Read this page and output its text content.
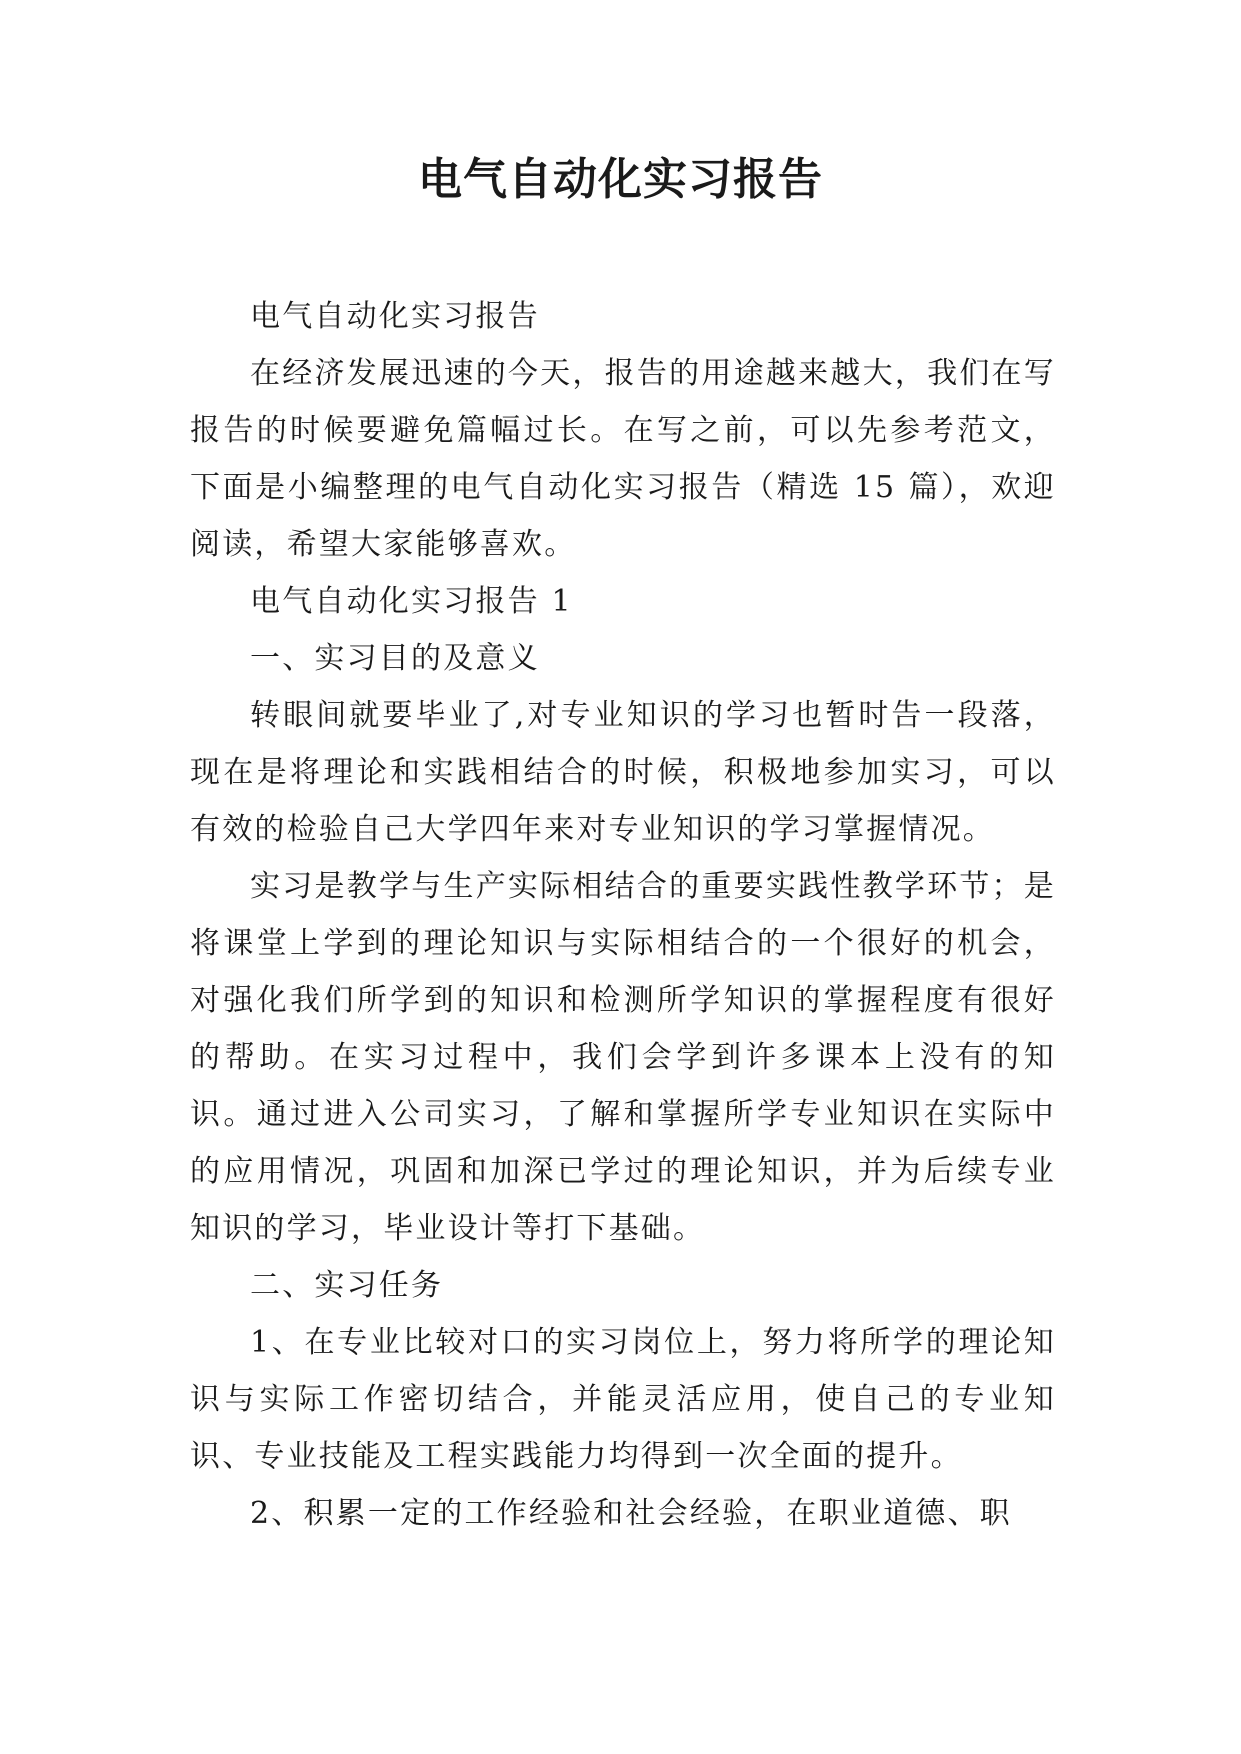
电气自动化实习报告

电气自动化实习报告

在经济发展迅速的今天，报告的用途越来越大，我们在写报告的时候要避免篇幅过长。在写之前，可以先参考范文，下面是小编整理的电气自动化实习报告（精选 15 篇），欢迎阅读，希望大家能够喜欢。

电气自动化实习报告 1

一、实习目的及意义

转眼间就要毕业了,对专业知识的学习也暂时告一段落，现在是将理论和实践相结合的时候，积极地参加实习，可以有效的检验自己大学四年来对专业知识的学习掌握情况。

实习是教学与生产实际相结合的重要实践性教学环节；是将课堂上学到的理论知识与实际相结合的一个很好的机会，对强化我们所学到的知识和检测所学知识的掌握程度有很好的帮助。在实习过程中，我们会学到许多课本上没有的知识。通过进入公司实习，了解和掌握所学专业知识在实际中的应用情况，巩固和加深已学过的理论知识，并为后续专业知识的学习，毕业设计等打下基础。

二、实习任务

1、在专业比较对口的实习岗位上，努力将所学的理论知识与实际工作密切结合，并能灵活应用，使自己的专业知识、专业技能及工程实践能力均得到一次全面的提升。

2、积累一定的工作经验和社会经验，在职业道德、职
